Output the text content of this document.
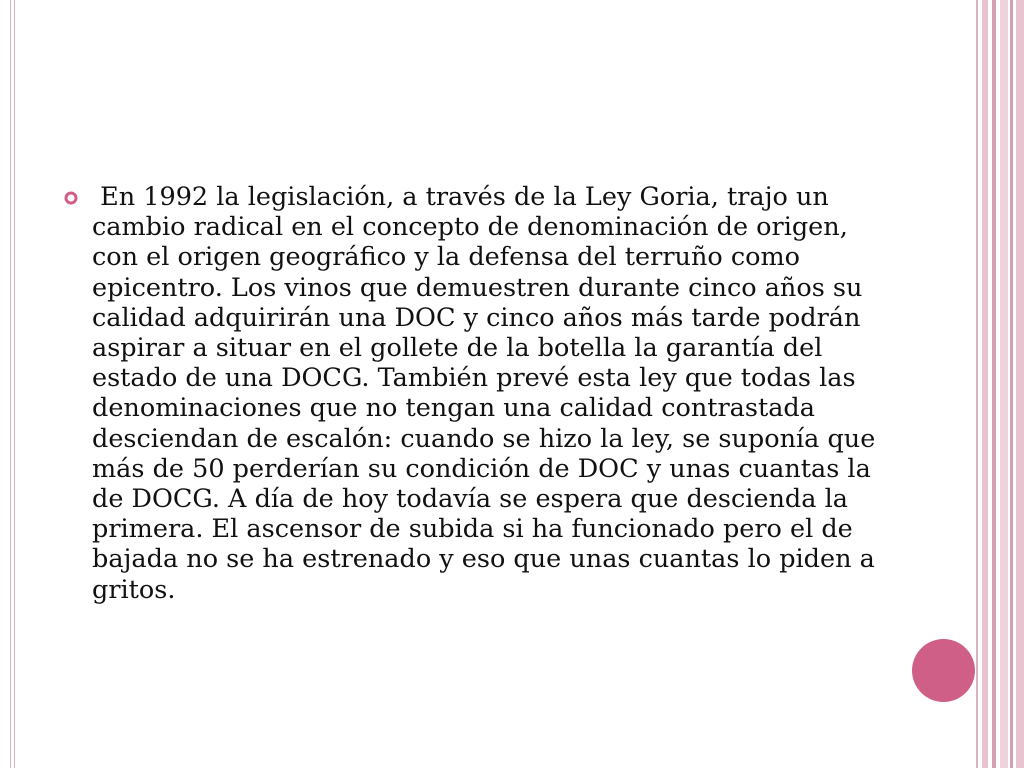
En 1992 la legislación, a través de la Ley Goria, trajo un cambio radical en el concepto de denominación de origen, con el origen geográfico y la defensa del terruño como epicentro. Los vinos que demuestren durante cinco años su calidad adquirirán una DOC y cinco años más tarde podrán aspirar a situar en el gollete de la botella la garantía del estado de una DOCG. También prevé esta ley que todas las denominaciones que no tengan una calidad contrastada desciendan de escalón: cuando se hizo la ley, se suponía que más de 50 perderían su condición de DOC y unas cuantas la de DOCG. A día de hoy todavía se espera que descienda la primera. El ascensor de subida si ha funcionado pero el de bajada no se ha estrenado y eso que unas cuantas lo piden a gritos.
